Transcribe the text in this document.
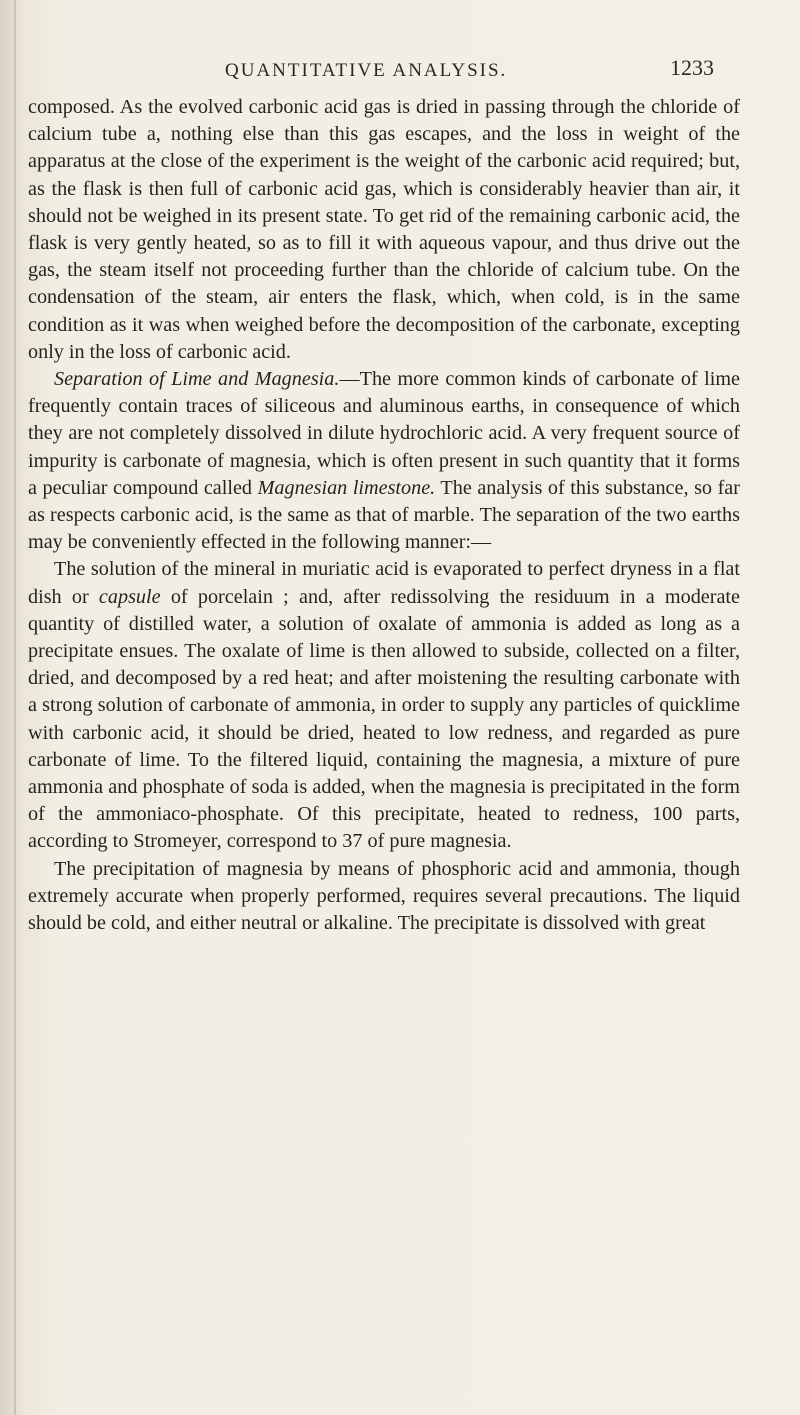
QUANTITATIVE ANALYSIS.	1233

composed. As the evolved carbonic acid gas is dried in passing through the chloride of calcium tube a, nothing else than this gas escapes, and the loss in weight of the apparatus at the close of the experiment is the weight of the carbonic acid required; but, as the flask is then full of carbonic acid gas, which is considerably heavier than air, it should not be weighed in its present state. To get rid of the remaining carbonic acid, the flask is very gently heated, so as to fill it with aqueous vapour, and thus drive out the gas, the steam itself not proceeding further than the chloride of calcium tube. On the condensation of the steam, air enters the flask, which, when cold, is in the same condition as it was when weighed before the decomposition of the carbonate, excepting only in the loss of carbonic acid.

Separation of Lime and Magnesia.—The more common kinds of carbonate of lime frequently contain traces of siliceous and aluminous earths, in consequence of which they are not completely dissolved in dilute hydrochloric acid. A very frequent source of impurity is carbonate of magnesia, which is often present in such quantity that it forms a peculiar compound called Magnesian limestone. The analysis of this substance, so far as respects carbonic acid, is the same as that of marble. The separation of the two earths may be conveniently effected in the following manner:—

The solution of the mineral in muriatic acid is evaporated to perfect dryness in a flat dish or capsule of porcelain ; and, after redissolving the residuum in a moderate quantity of distilled water, a solution of oxalate of ammonia is added as long as a precipitate ensues. The oxalate of lime is then allowed to subside, collected on a filter, dried, and decomposed by a red heat; and after moistening the resulting carbonate with a strong solution of carbonate of ammonia, in order to supply any particles of quicklime with carbonic acid, it should be dried, heated to low redness, and regarded as pure carbonate of lime. To the filtered liquid, containing the magnesia, a mixture of pure ammonia and phosphate of soda is added, when the magnesia is precipitated in the form of the ammoniaco-phosphate. Of this precipitate, heated to redness, 100 parts, according to Stromeyer, correspond to 37 of pure magnesia.

The precipitation of magnesia by means of phosphoric acid and ammonia, though extremely accurate when properly performed, requires several precautions. The liquid should be cold, and either neutral or alkaline. The precipitate is dissolved with great
